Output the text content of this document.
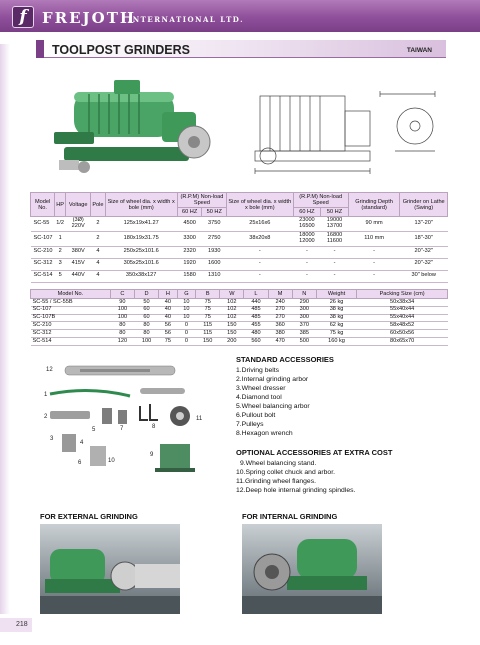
f	FREJOTH
INTERNATIONAL LTD.
TOOLPOST GRINDERS	TAIWAN
Model No.	HP	Voltage	Pole	Size of wheel dia. x width x bole (mm)	(R.P.M) Non-load Speed		Size of wheel dia. x width x bole (mm)	(R.P.M) Non-load Speed		Grinding Depth (standard)	Grinder on Lathe (Swing)
					60 HZ	50 HZ		60 HZ	50 HZ		
SC-55	1/2	(3Ø) 220V	2	125x19x41.27	4500	3750	25x16x6	23000 16500	19000 13700	90 mm	13"-20"
SC-107	1		2	180x19x31.75	3300	2750	38x20x8	18000 12000	16800 11600	110 mm	18"-30"
SC-210	2	380V	4	250x25x101.6	2320	1930	-	-	-	-	20"-32"
SC-312	3	415V	4	305x25x101.6	1920	1600	-	-	-	-	20"-32"
SC-514	5	440V	4	350x38x127	1580	1310	-	-	-	-	30" below
Model No.	C	D	H	G	B	W	L	M	N	Weight	Packing Size (cm)
SC-55 / SC-55B	90	50	40	10	75	102	440	240	290	26 kg	50x38x34
SC-107	100	60	40	10	75	102	485	270	300	38 kg	55x40x44
SC-107B	100	60	40	10	75	102	485	270	300	38 kg	55x40x44
SC-210	80	80	56	0	115	150	455	360	370	62 kg	58x48x52
SC-312	80	80	56	0	115	150	480	380	385	75 kg	60x50x56
SC-514	120	100	75	0	150	200	560	470	500	160 kg	80x65x70
12
1
2
5	7	8
11
3
4
6	10
9
STANDARD ACCESSORIES
1.Driving belts
2.Internal grinding arbor
3.Wheel dresser
4.Diamond tool
5.Wheel balancing arbor
6.Pullout bolt
7.Pulleys
8.Hexagon wrench
OPTIONAL ACCESSORIES AT EXTRA COST
9.Wheel balancing stand.
10.Spring collet chuck and arbor.
11.Grinding wheel flanges.
12.Deep hole internal grinding spindles.
FOR EXTERNAL GRINDING	FOR INTERNAL GRINDING
218
